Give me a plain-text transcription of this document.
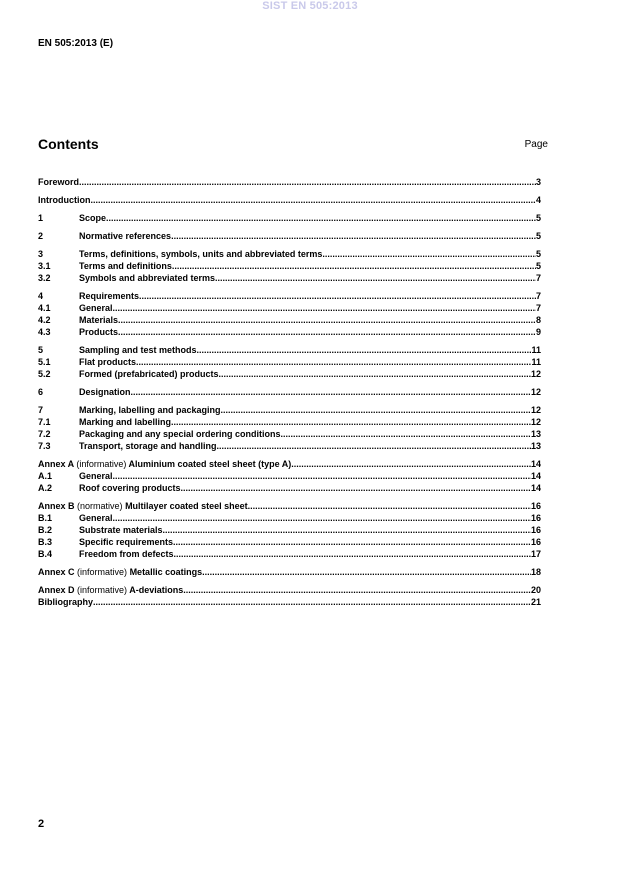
SIST EN 505:2013
EN 505:2013 (E)
Contents	Page
Foreword .....	3
Introduction .....	4
1	Scope .....	5
2	Normative references .....	5
3	Terms, definitions, symbols, units and abbreviated terms .....	5
3.1	Terms and definitions .....	5
3.2	Symbols and abbreviated terms .....	7
4	Requirements .....	7
4.1	General .....	7
4.2	Materials .....	8
4.3	Products .....	9
5	Sampling and test methods .....	11
5.1	Flat products .....	11
5.2	Formed (prefabricated) products .....	12
6	Designation .....	12
7	Marking, labelling and packaging .....	12
7.1	Marking and labelling .....	12
7.2	Packaging and any special ordering conditions .....	13
7.3	Transport, storage and handling .....	13
Annex A (informative) Aluminium coated steel sheet (type A) .....	14
A.1	General .....	14
A.2	Roof covering products .....	14
Annex B (normative) Multilayer coated steel sheet .....	16
B.1	General .....	16
B.2	Substrate materials .....	16
B.3	Specific requirements .....	16
B.4	Freedom from defects .....	17
Annex C (informative) Metallic coatings .....	18
Annex D (informative) A-deviations .....	20
Bibliography .....	21
2
